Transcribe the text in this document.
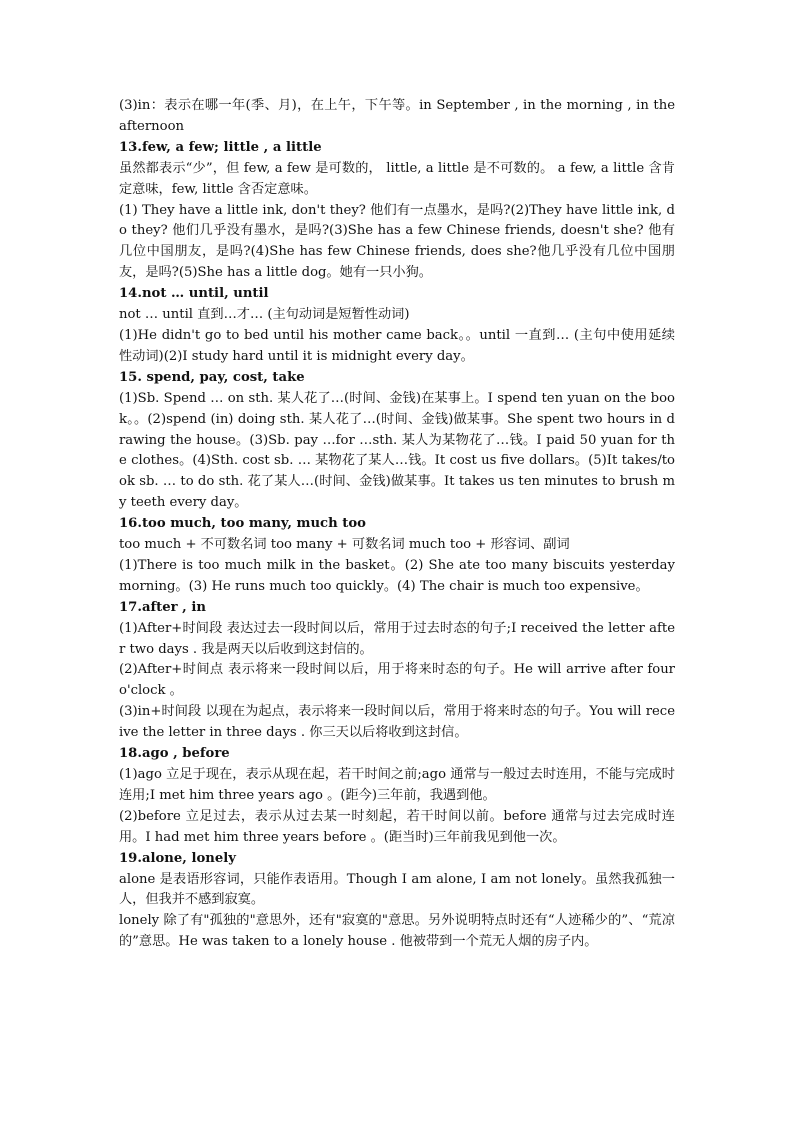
(3)in：表示在哪一年(季、月)，在上午，下午等。in September , in the morning , in the afternoon

13.few, a few; little , a little

虽然都表示“少”，但 few, a few 是可数的， little, a little 是不可数的。 a few, a little 含肯定意味，few, little 含否定意味。

(1) They have a little ink, don't they? 他们有一点墨水，是吗?(2)They have little ink, do they? 他们几乎没有墨水，是吗?(3)She has a few Chinese friends, doesn't she? 他有几位中国朋友，是吗?(4)She has few Chinese friends, does she?他几乎没有几位中国朋友，是吗?(5)She has a little dog。她有一只小狗。

14.not … until, until

not … until 直到…才… (主句动词是短暂性动词)

(1)He didn't go to bed until his mother came back。。until 一直到… (主句中使用延续性动词)(2)I study hard until it is midnight every day。

15. spend, pay, cost, take

(1)Sb. Spend … on sth. 某人花了…(时间、金钱)在某事上。I spend ten yuan on the book。。(2)spend (in) doing sth. 某人花了…(时间、金钱)做某事。She spent two hours in drawing the house。(3)Sb. pay …for …sth. 某人为某物花了…钱。I paid 50 yuan for the clothes。(4)Sth. cost sb. … 某物花了某人…钱。It cost us five dollars。(5)It takes/took sb. … to do sth. 花了某人…(时间、金钱)做某事。It takes us ten minutes to brush my teeth every day。

16.too much, too many, much too

too much + 不可数名词 too many + 可数名词 much too + 形容词、副词

(1)There is too much milk in the basket。(2) She ate too many biscuits yesterday morning。(3) He runs much too quickly。(4) The chair is much too expensive。

17.after , in

(1)After+时间段 表达过去一段时间以后，常用于过去时态的句子;I received the letter after two days . 我是两天以后收到这封信的。

(2)After+时间点 表示将来一段时间以后，用于将来时态的句子。He will arrive after four o'clock 。

(3)in+时间段 以现在为起点，表示将来一段时间以后，常用于将来时态的句子。You will receive the letter in three days . 你三天以后将收到这封信。

18.ago , before

(1)ago 立足于现在，表示从现在起，若干时间之前;ago 通常与一般过去时连用，不能与完成时连用;I met him three years ago 。(距今)三年前，我遇到他。

(2)before 立足过去，表示从过去某一时刻起，若干时间以前。before 通常与过去完成时连用。I had met him three years before 。(距当时)三年前我见到他一次。

19.alone, lonely

alone 是表语形容词，只能作表语用。Though I am alone, I am not lonely。虽然我孤独一人，但我并不感到寂寞。

lonely 除了有"孤独的"意思外，还有"寂寞的"意思。另外说明特点时还有“人迹稀少的”、“荒凉的”意思。He was taken to a lonely house . 他被带到一个荒无人烟的房子内。
